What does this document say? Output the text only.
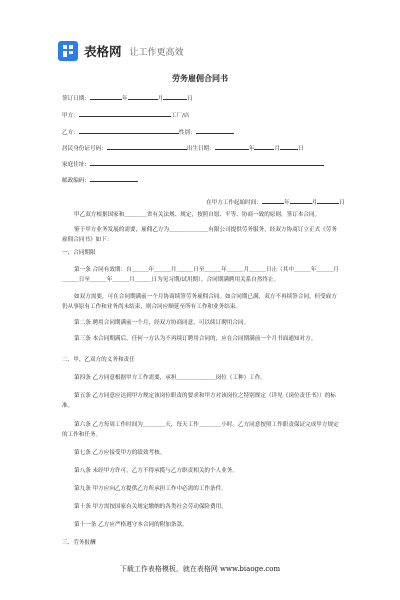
表格网 让工作更高效
劳务雇佣合同书
签订日期：	年	月	日
甲方：	工厂/店
乙方：	性别：
居民身份证号码：	出生日期：	年	月	日
家庭住址：
邮政编码：
在甲方工作起始时间：	年	月	日
甲乙双方根据国家和＿＿＿＿省有关法规、规定，按照自愿、平等、协商一致的原则，签订本合同。
鉴于甲方业务发展的需要，雇佣乙方为＿＿＿＿＿＿＿有限公司提供劳务服务，经双方协商订立正式《劳务雇佣合同书》如下：
一、合同期限
第一条 合同有效期：自＿＿＿年＿＿＿月＿＿＿日至＿＿＿年＿＿＿月＿＿＿日止（其中＿＿＿年＿＿＿月＿＿＿日至＿＿＿年＿＿＿月＿＿＿日为见习期/试用期）。合同期满聘用关系自然终止。
如双方需要，可在合同期满前一个月协商续签劳务雇佣合同。如合同期已满，双方不再续签合同，但受雇方仍从事原有工作和业务尚未结束，则合同应顺延至所有工作和业务结束。
第二条 聘用合同期满前一个月，经双方协商同意，可以续订聘用合同。
第三条 本合同期满后，任何一方认为不再续订聘用合同的，应在合同期满前一个月书面通知对方。
二、甲、乙双方的义务和责任
第四条 乙方同意根据甲方工作需要，承担＿＿＿＿＿＿＿岗位（工种）工作。
第五条 乙方同意应达到甲方规定该岗位职责的要求和甲方对该岗位之特别规定（详见《岗位责任书》）的标准。
第六条 乙方每周工作时间为＿＿＿＿天，每天工作＿＿＿＿小时。乙方同意按照工作职责保证完成甲方规定的工作和任务。
第七条 乙方应接受甲方的绩效考核。
第八条 未经甲方许可，乙方不得承揽与乙方职责相关的个人业务。
第九条 甲方应向乙方提供乙方所承担工作中必需的工作条件。
第十条 甲方需按国家有关规定缴纳的各类社会劳动保险费用。
第十一条 乙方应严格遵守本合同的附加条款。
三、劳务报酬
下载工作表格模板，就在表格网 www.biaoge.com
